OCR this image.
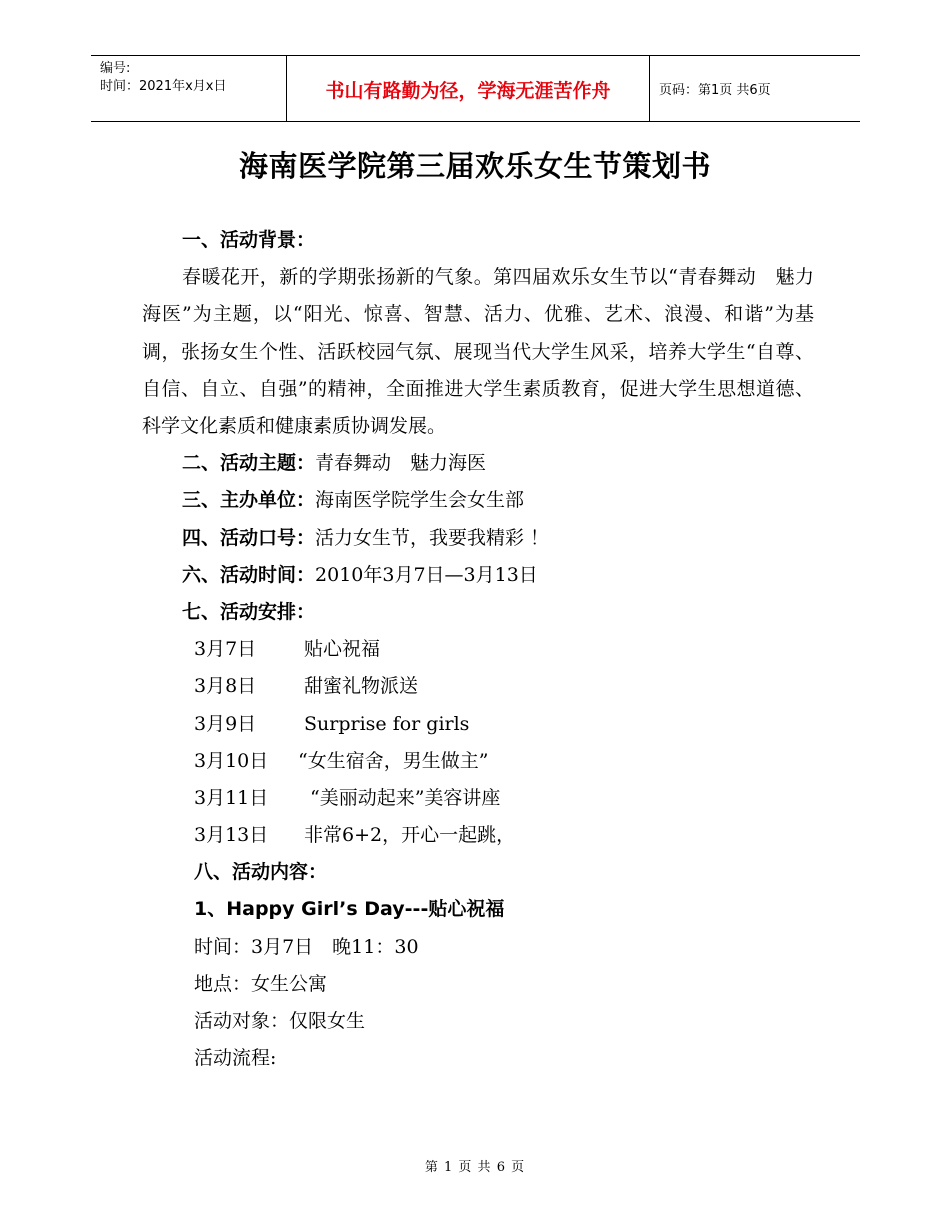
编号:
时间：2021年x月x日	书山有路勤为径，学海无涯苦作舟	页码：第1页 共6页
海南医学院第三届欢乐女生节策划书
一、活动背景：
春暖花开，新的学期张扬新的气象。第四届欢乐女生节以“青春舞动　魅力海医”为主题，以“阳光、惊喜、智慧、活力、优雅、艺术、浪漫、和谐”为基调，张扬女生个性、活跃校园气氛、展现当代大学生风采，培养大学生“自尊、自信、自立、自强”的精神，全面推进大学生素质教育，促进大学生思想道德、科学文化素质和健康素质协调发展。
二、活动主题：青春舞动　魅力海医
三、主办单位：海南医学院学生会女生部
四、活动口号：活力女生节，我要我精彩 ！
六、活动时间：2010年3月7日—3月13日
七、活动安排：
3月7日	贴心祝福
3月8日	甜蜜礼物派送
3月9日	Surprise for girls
3月10日 “女生宿舍，男生做主”
3月11日 “美丽动起来”美容讲座
3月13日 非常6+2，开心一起跳，
八、活动内容：
1、Happy Girl’s Day---贴心祝福
时间：3月7日　晚11：30
地点：女生公寓
活动对象：仅限女生
活动流程:
第 1 页 共 6 页
